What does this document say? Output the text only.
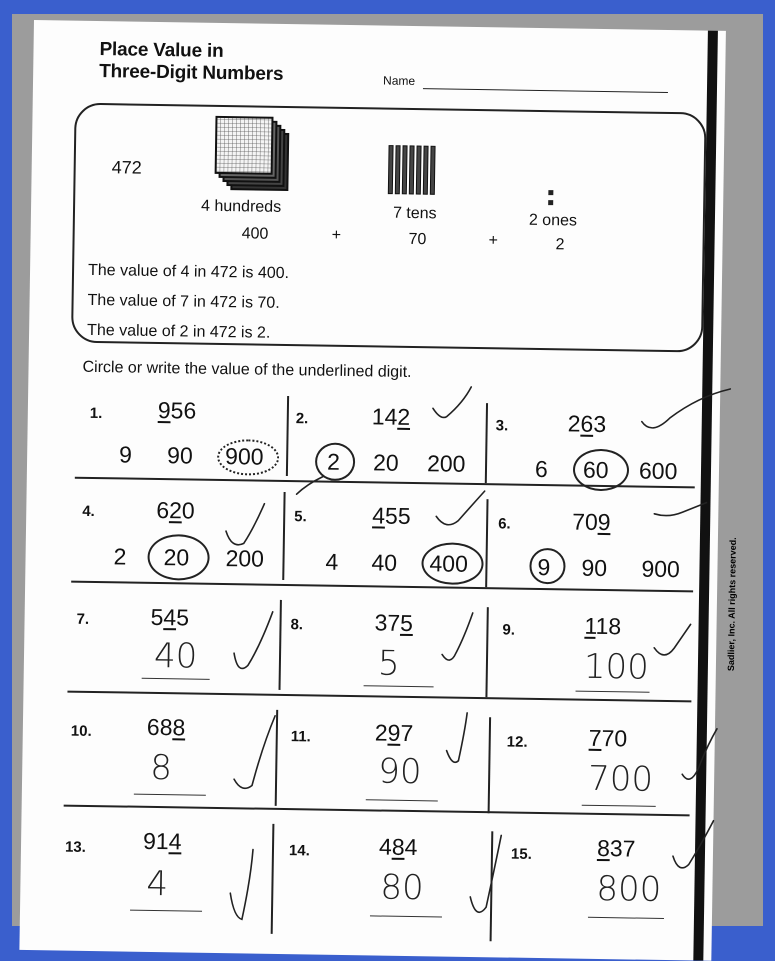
Place Value in
Three-Digit Numbers	Name
472
4 hundreds
400	+
7 tens
70	+
2 ones
2
The value of 4 in 472 is 400.
The value of 7 in 472 is 70.
The value of 2 in 472 is 2.
Circle or write the value of the underlined digit.
1. 956
9 90 900
2.	142
2 20 200
3.	263
6 60 600
4.	620
2 20 200
5.	455
4 40 400
6.	709
9 90 900
7.	545
40
8.	375
5
9.	118
100
10. 688
8
11.	297
90
12.	770
700
13. 914
4
14.	484
80
15.	837
800
Sadlier, Inc. All rights reserved.
